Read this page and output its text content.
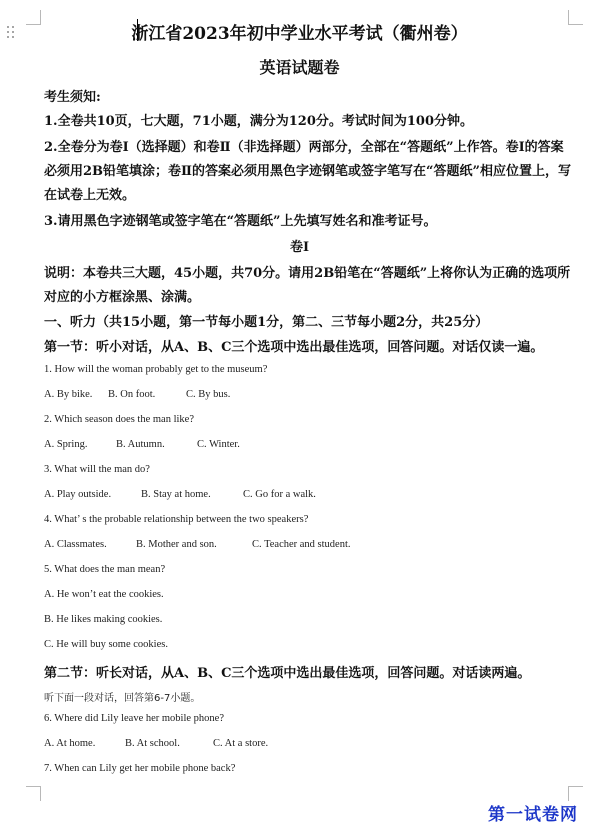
浙江省2023年初中学业水平考试（衢州卷）
英语试题卷
考生须知:
1.全卷共10页，七大题，71小题，满分为120分。考试时间为100分钟。
2.全卷分为卷Ⅰ（选择题）和卷Ⅱ（非选择题）两部分，全部在“答题纸”上作答。卷Ⅰ的答案
必须用2B铅笔填涂；卷Ⅱ的答案必须用黑色字迹钢笔或签字笔写在“答题纸”相应位置上，写
在试卷上无效。
3.请用黑色字迹钢笔或签字笔在“答题纸”上先填写姓名和准考证号。
卷Ⅰ
说明：本卷共三大题，45小题，共70分。请用2B铅笔在“答题纸”上将你认为正确的选项所
对应的小方框涂黑、涂满。
一、听力（共15小题，第一节每小题1分，第二、三节每小题2分，共25分）
第一节：听小对话，从A、B、C三个选项中选出最佳选项，回答问题。对话仅读一遍。
1. How will the woman probably get to the museum?
A. By bike. B. On foot.	C. By bus.
2. Which season does the man like?
A. Spring.	B. Autumn.	C. Winter.
3. What will the man do?
A. Play outside.	B. Stay at home.	C. Go for a walk.
4. What’ s the probable relationship between the two speakers?
A. Classmates.	B. Mother and son.	C. Teacher and student.
5. What does the man mean?
A. He won’t eat the cookies.
B. He likes making cookies.
C. He will buy some cookies.
第二节：听长对话，从A、B、C三个选项中选出最佳选项，回答问题。对话读两遍。
听下面一段对话，回答第6-7小题。
6. Where did Lily leave her mobile phone?
A. At home.	B. At school.	C. At a store.
7. When can Lily get her mobile phone back?
第一试卷网
